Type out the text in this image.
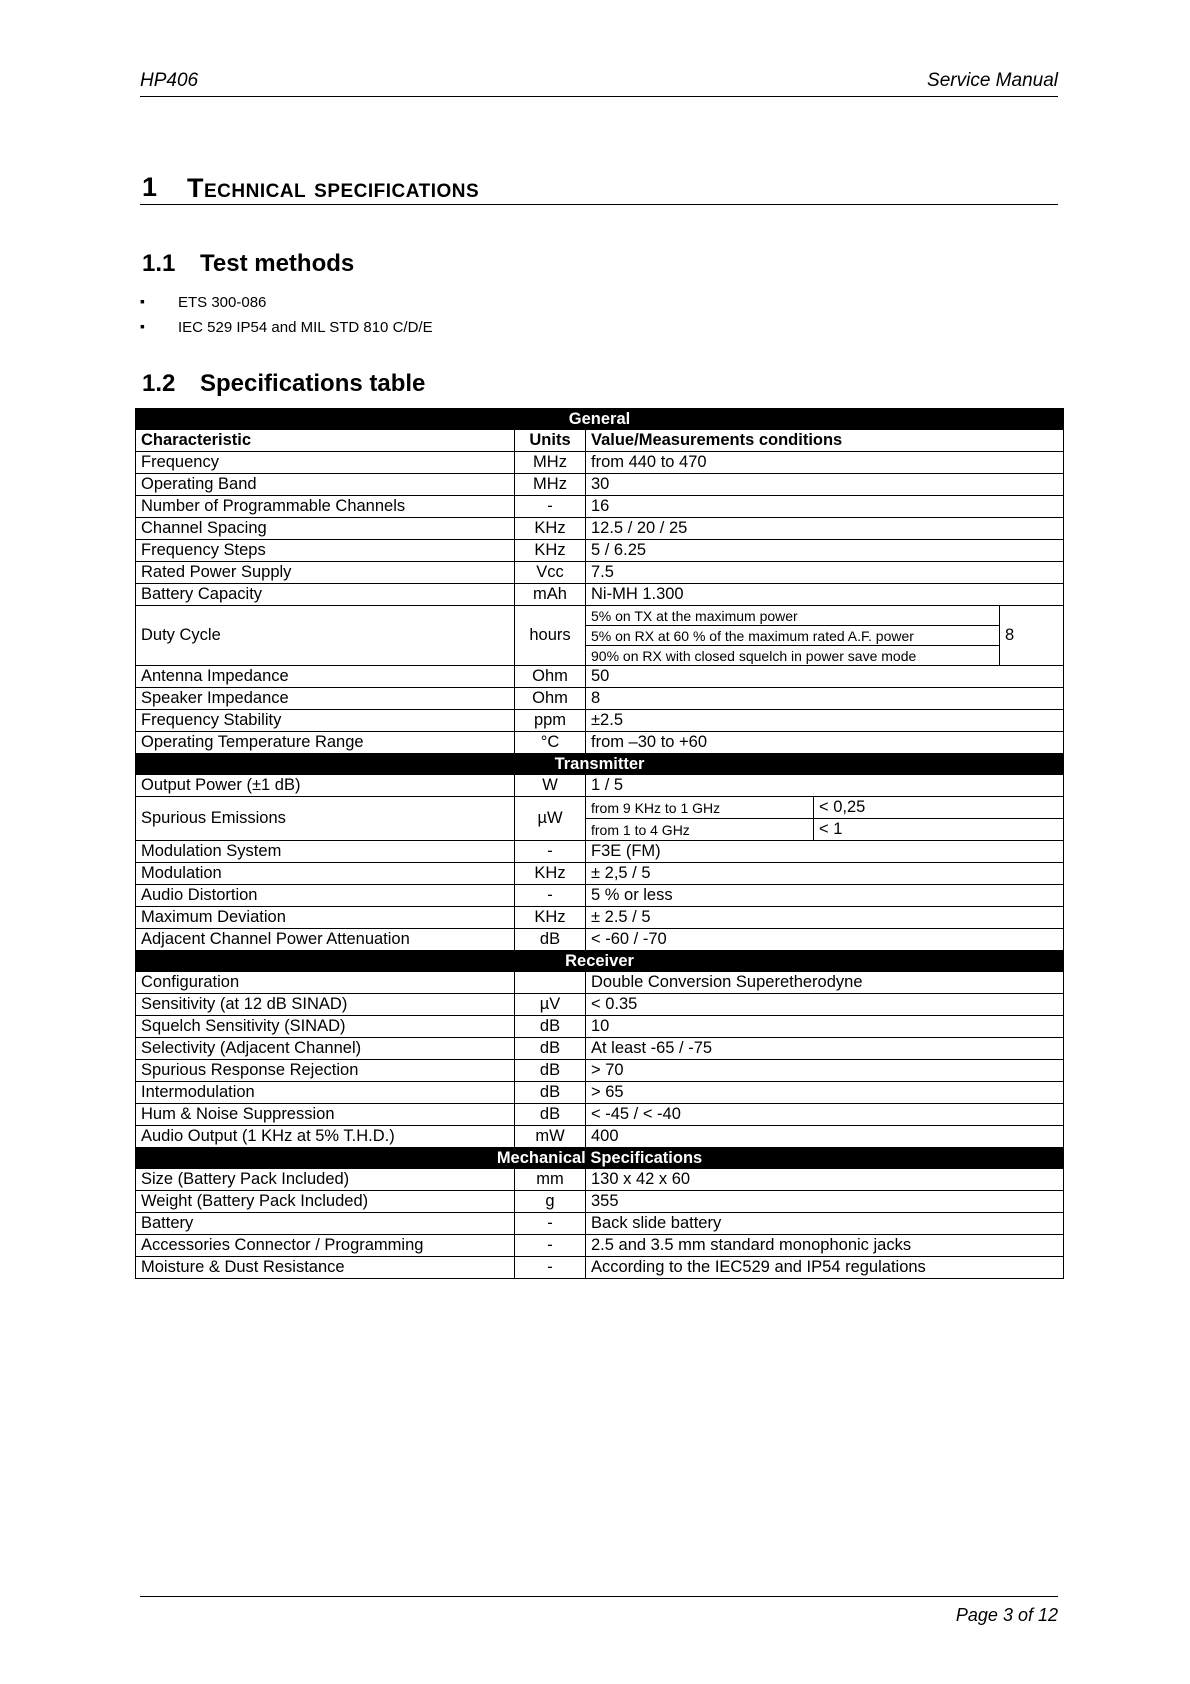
HP406	Service Manual
1 Technical specifications
1.1 Test methods
▪ ETS 300-086
▪ IEC 529 IP54 and MIL STD 810 C/D/E
1.2 Specifications table
General				
Characteristic	Units	Value/Measurements conditions		
Frequency	MHz	from 440 to 470		
Operating Band	MHz	30		
Number of Programmable Channels	-	16		
Channel Spacing	KHz	12.5 / 20 / 25		
Frequency Steps	KHz	5 / 6.25		
Rated Power Supply	Vcc	7.5		
Battery Capacity	mAh	Ni-MH 1.300		
Duty Cycle	hours	5% on TX at the maximum power		8
		5% on RX at 60 % of the maximum rated A.F. power		
		90% on RX with closed squelch in power save mode		
Antenna Impedance	Ohm	50		
Speaker Impedance	Ohm	8		
Frequency Stability	ppm	±2.5		
Operating Temperature Range	°C	from –30 to +60		
Transmitter				
Output Power (±1 dB)	W	1 / 5		
Spurious Emissions	µW	from 9 KHz to 1 GHz	< 0,25	
		from 1 to 4 GHz	< 1	
Modulation System	-	F3E (FM)		
Modulation	KHz	± 2,5 / 5		
Audio Distortion	-	5 % or less		
Maximum Deviation	KHz	± 2.5 / 5		
Adjacent Channel Power Attenuation	dB	< -60 / -70		
Receiver				
Configuration		Double Conversion Superetherodyne		
Sensitivity (at 12 dB SINAD)	µV	< 0.35		
Squelch Sensitivity (SINAD)	dB	10		
Selectivity (Adjacent Channel)	dB	At least -65 / -75		
Spurious Response Rejection	dB	> 70		
Intermodulation	dB	> 65		
Hum & Noise Suppression	dB	< -45 / < -40		
Audio Output (1 KHz at 5% T.H.D.)	mW	400		
Mechanical Specifications				
Size (Battery Pack Included)	mm	130 x 42 x 60		
Weight (Battery Pack Included)	g	355		
Battery	-	Back slide battery		
Accessories Connector / Programming	-	2.5 and 3.5 mm standard monophonic jacks		
Moisture & Dust Resistance	-	According to the IEC529 and IP54 regulations		
Page 3 of 12
